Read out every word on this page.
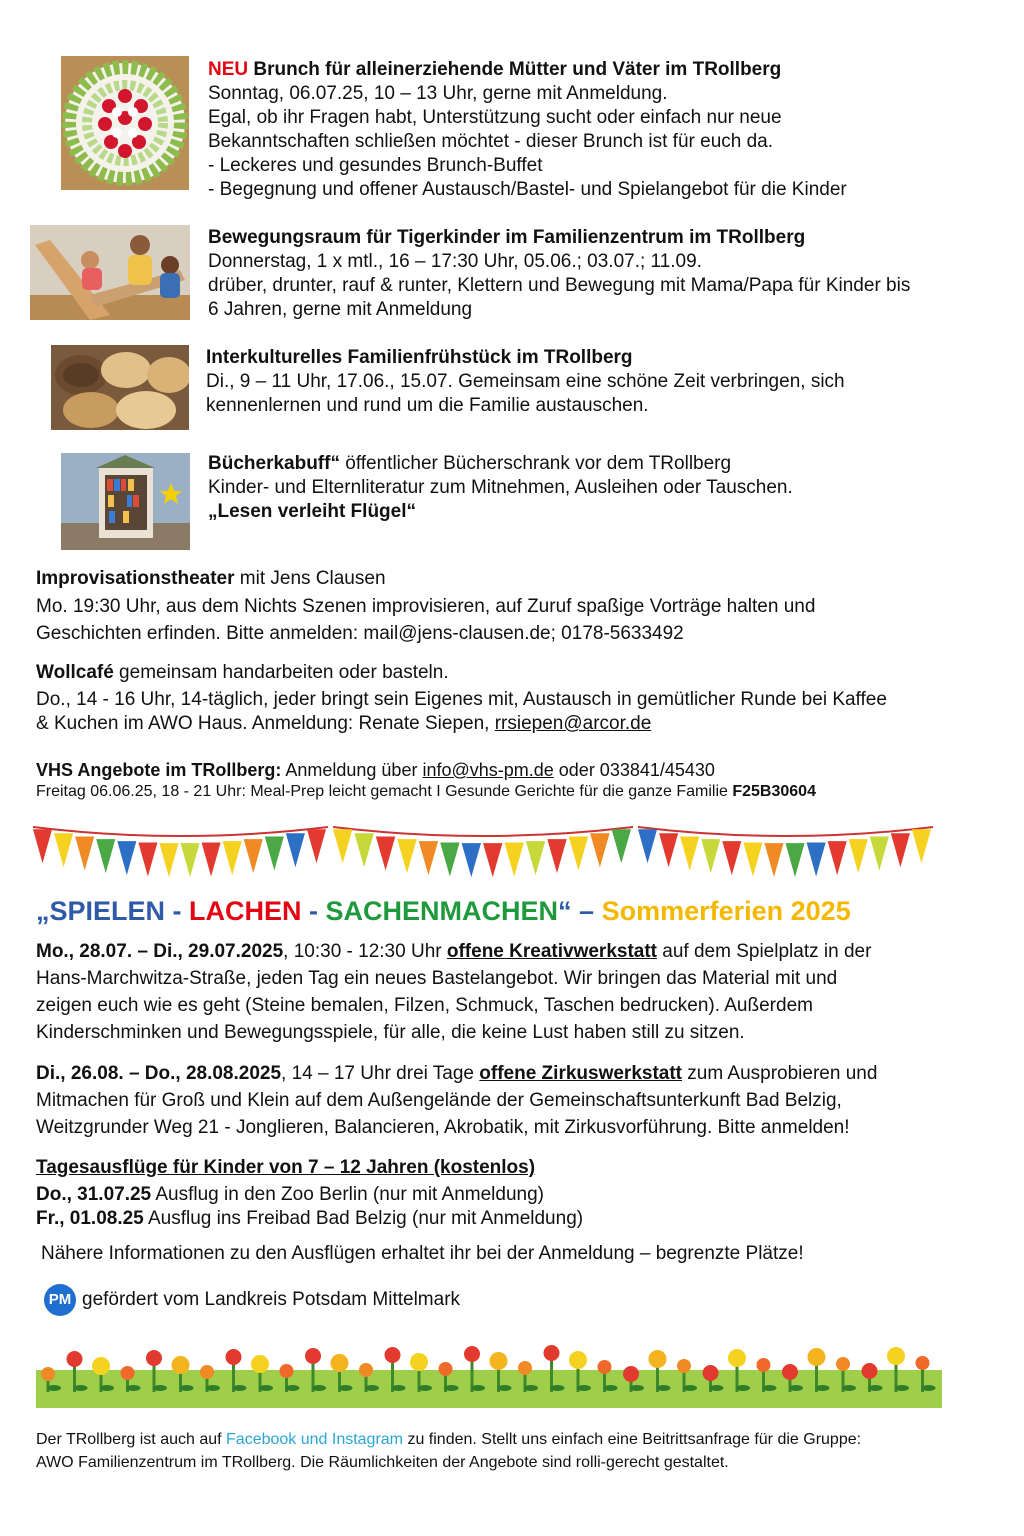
NEU Brunch für alleinerziehende Mütter und Väter im TRollberg
Sonntag, 06.07.25, 10 – 13 Uhr, gerne mit Anmeldung.
Egal, ob ihr Fragen habt, Unterstützung sucht oder einfach nur neue
Bekanntschaften schließen möchtet - dieser Brunch ist für euch da.
- Leckeres und gesundes Brunch-Buffet
- Begegnung und offener Austausch/Bastel- und Spielangebot für die Kinder
Bewegungsraum für Tigerkinder im Familienzentrum im TRollberg
Donnerstag, 1 x mtl., 16 – 17:30 Uhr, 05.06.; 03.07.; 11.09.
drüber, drunter, rauf & runter, Klettern und Bewegung mit Mama/Papa für Kinder bis
6 Jahren, gerne mit Anmeldung
Interkulturelles Familienfrühstück im TRollberg
Di., 9 – 11 Uhr, 17.06., 15.07. Gemeinsam eine schöne Zeit verbringen, sich
kennenlernen und rund um die Familie austauschen.
Bücherkabuff“ öffentlicher Bücherschrank vor dem TRollberg
Kinder- und Elternliteratur zum Mitnehmen, Ausleihen oder Tauschen.
„Lesen verleiht Flügel“
Improvisationstheater mit Jens Clausen
Mo. 19:30 Uhr, aus dem Nichts Szenen improvisieren, auf Zuruf spaßige Vorträge halten und
Geschichten erfinden. Bitte anmelden: mail@jens-clausen.de; 0178-5633492
Wollcafé gemeinsam handarbeiten oder basteln.
Do., 14 - 16 Uhr, 14-täglich, jeder bringt sein Eigenes mit, Austausch in gemütlicher Runde bei Kaffee
& Kuchen im AWO Haus. Anmeldung: Renate Siepen, rrsiepen@arcor.de
VHS Angebote im TRollberg: Anmeldung über info@vhs-pm.de oder 033841/45430
Freitag 06.06.25, 18 - 21 Uhr: Meal-Prep leicht gemacht I Gesunde Gerichte für die ganze Familie F25B30604
„SPIELEN - LACHEN - SACHENMACHEN“ – Sommerferien 2025
Mo., 28.07. – Di., 29.07.2025, 10:30 - 12:30 Uhr offene Kreativwerkstatt auf dem Spielplatz in der
Hans-Marchwitza-Straße, jeden Tag ein neues Bastelangebot. Wir bringen das Material mit und
zeigen euch wie es geht (Steine bemalen, Filzen, Schmuck, Taschen bedrucken). Außerdem
Kinderschminken und Bewegungsspiele, für alle, die keine Lust haben still zu sitzen.
Di., 26.08. – Do., 28.08.2025, 14 – 17 Uhr drei Tage offene Zirkuswerkstatt zum Ausprobieren und
Mitmachen für Groß und Klein auf dem Außengelände der Gemeinschaftsunterkunft Bad Belzig,
Weitzgrunder Weg 21 - Jonglieren, Balancieren, Akrobatik, mit Zirkusvorführung. Bitte anmelden!
Tagesausflüge für Kinder von 7 – 12 Jahren (kostenlos)
Do., 31.07.25 Ausflug in den Zoo Berlin (nur mit Anmeldung)
Fr., 01.08.25 Ausflug ins Freibad Bad Belzig (nur mit Anmeldung)
Nähere Informationen zu den Ausflügen erhaltet ihr bei der Anmeldung – begrenzte Plätze!
PM gefördert vom Landkreis Potsdam Mittelmark
Der TRollberg ist auch auf Facebook und Instagram zu finden. Stellt uns einfach eine Beitrittsanfrage für die Gruppe:
AWO Familienzentrum im TRollberg. Die Räumlichkeiten der Angebote sind rolli-gerecht gestaltet.
